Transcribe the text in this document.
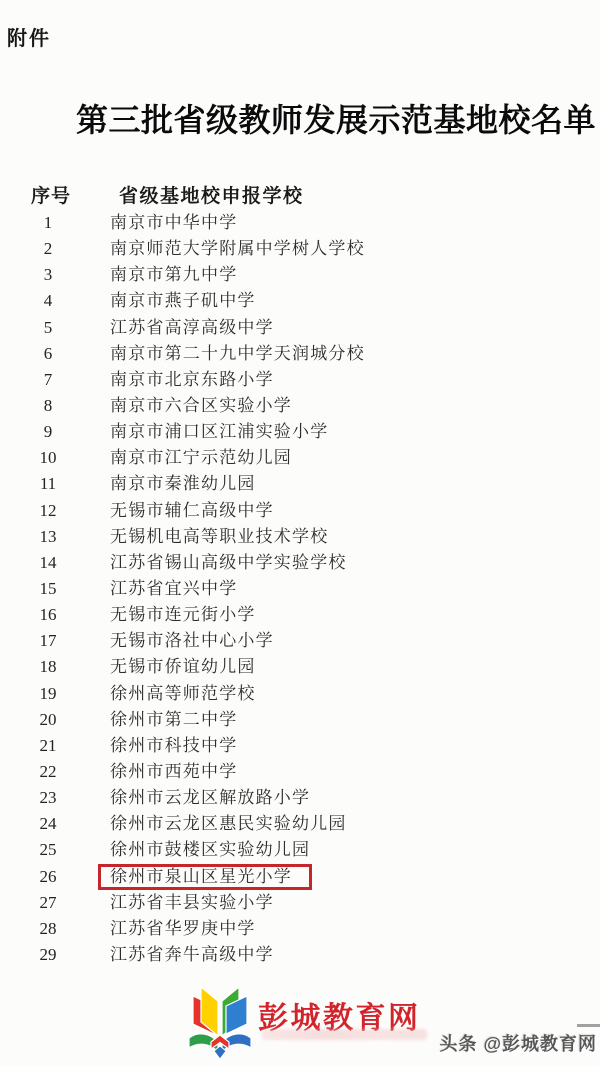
附件
第三批省级教师发展示范基地校名单
序号	省级基地校申报学校
1	南京市中华中学
2	南京师范大学附属中学树人学校
3	南京市第九中学
4	南京市燕子矶中学
5	江苏省高淳高级中学
6	南京市第二十九中学天润城分校
7	南京市北京东路小学
8	南京市六合区实验小学
9	南京市浦口区江浦实验小学
10	南京市江宁示范幼儿园
11	南京市秦淮幼儿园
12	无锡市辅仁高级中学
13	无锡机电高等职业技术学校
14	江苏省锡山高级中学实验学校
15	江苏省宜兴中学
16	无锡市连元街小学
17	无锡市洛社中心小学
18	无锡市侨谊幼儿园
19	徐州高等师范学校
20	徐州市第二中学
21	徐州市科技中学
22	徐州市西苑中学
23	徐州市云龙区解放路小学
24	徐州市云龙区惠民实验幼儿园
25	徐州市鼓楼区实验幼儿园
26	徐州市泉山区星光小学
27	江苏省丰县实验小学
28	江苏省华罗庚中学
29	江苏省奔牛高级中学
彭城教育网
头条 @彭城教育网
